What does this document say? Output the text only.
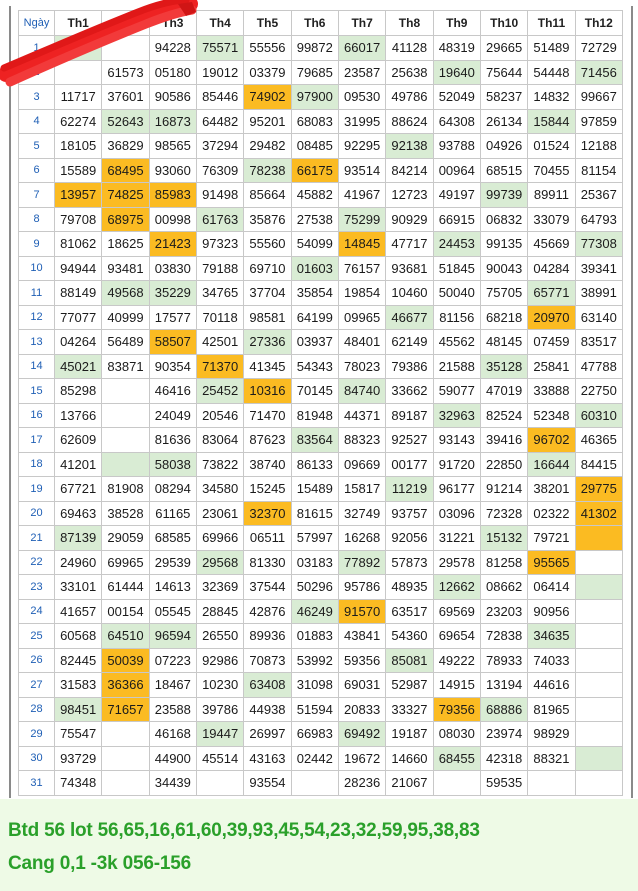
Ngày	Th1	Th2	Th3	Th4	Th5	Th6	Th7	Th8	Th9	Th10	Th11	Th12
1			94228	75571	55556	99872	66017	41128	48319	29665	51489	72729
2		61573	05180	19012	03379	79685	23587	25638	19640	75644	54448	71456
3	11717	37601	90586	85446	74902	97900	09530	49786	52049	58237	14832	99667
4	62274	52643	16873	64482	95201	68083	31995	88624	64308	26134	15844	97859
5	18105	36829	98565	37294	29482	08485	92295	92138	93788	04926	01524	12188
6	15589	68495	93060	76309	78238	66175	93514	84214	00964	68515	70455	81154
7	13957	74825	85983	91498	85664	45882	41967	12723	49197	99739	89911	25367
8	79708	68975	00998	61763	35876	27538	75299	90929	66915	06832	33079	64793
9	81062	18625	21423	97323	55560	54099	14845	47717	24453	99135	45669	77308
10	94944	93481	03830	79188	69710	01603	76157	93681	51845	90043	04284	39341
11	88149	49568	35229	34765	37704	35854	19854	10460	50040	75705	65771	38991
12	77077	40999	17577	70118	98581	64199	09965	46677	81156	68218	20970	63140
13	04264	56489	58507	42501	27336	03937	48401	62149	45562	48145	07459	83517
14	45021	83871	90354	71370	41345	54343	78023	79386	21588	35128	25841	47788
15	85298		46416	25452	10316	70145	84740	33662	59077	47019	33888	22750
16	13766		24049	20546	71470	81948	44371	89187	32963	82524	52348	60310
17	62609		81636	83064	87623	83564	88323	92527	93143	39416	96702	46365
18	41201		58038	73822	38740	86133	09669	00177	91720	22850	16644	84415
19	67721	81908	08294	34580	15245	15489	15817	11219	96177	91214	38201	29775
20	69463	38528	61165	23061	32370	81615	32749	93757	03096	72328	02322	41302
21	87139	29059	68585	69966	06511	57997	16268	92056	31221	15132	79721	
22	24960	69965	29539	29568	81330	03183	77892	57873	29578	81258	95565	
23	33101	61444	14613	32369	37544	50296	95786	48935	12662	08662	06414	
24	41657	00154	05545	28845	42876	46249	91570	63517	69569	23203	90956	
25	60568	64510	96594	26550	89936	01883	43841	54360	69654	72838	34635	
26	82445	50039	07223	92986	70873	53992	59356	85081	49222	78933	74033	
27	31583	36366	18467	10230	63408	31098	69031	52987	14915	13194	44616	
28	98451	71657	23588	39786	44938	51594	20833	33327	79356	68886	81965	
29	75547		46168	19447	26997	66983	69492	19187	08030	23974	98929	
30	93729		44900	45514	43163	02442	19672	14660	68455	42318	88321	
31	74348		34439		93554		28236	21067		59535		
Btd 56 lot 56,65,16,61,60,39,93,45,54,23,32,59,95,38,83
Cang 0,1 -3k 056-156
